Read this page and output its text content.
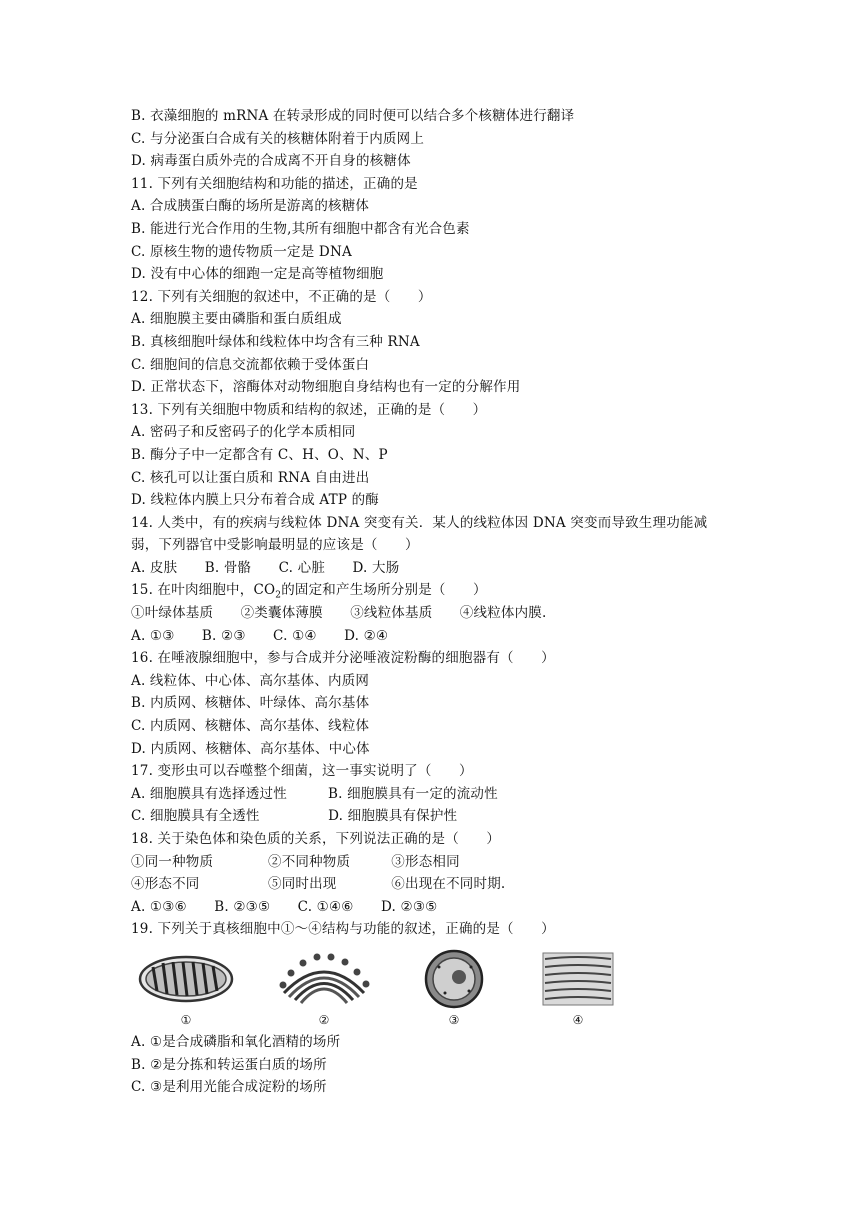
B. 衣藻细胞的 mRNA 在转录形成的同时便可以结合多个核糖体进行翻译
C. 与分泌蛋白合成有关的核糖体附着于内质网上
D. 病毒蛋白质外壳的合成离不开自身的核糖体
11. 下列有关细胞结构和功能的描述，正确的是
A. 合成胰蛋白酶的场所是游离的核糖体
B. 能进行光合作用的生物,其所有细胞中都含有光合色素
C. 原核生物的遗传物质一定是 DNA
D. 没有中心体的细跑一定是高等植物细胞
12. 下列有关细胞的叙述中，不正确的是（　　）
A. 细胞膜主要由磷脂和蛋白质组成
B. 真核细胞叶绿体和线粒体中均含有三种 RNA
C. 细胞间的信息交流都依赖于受体蛋白
D. 正常状态下，溶酶体对动物细胞自身结构也有一定的分解作用
13. 下列有关细胞中物质和结构的叙述，正确的是（　　）
A. 密码子和反密码子的化学本质相同
B. 酶分子中一定都含有 C、H、O、N、P
C. 核孔可以让蛋白质和 RNA 自由进出
D. 线粒体内膜上只分布着合成 ATP 的酶
14. 人类中，有的疾病与线粒体 DNA 突变有关．某人的线粒体因 DNA 突变而导致生理功能减
弱，下列器官中受影响最明显的应该是（　　）
A. 皮肤　　B. 骨骼　　C. 心脏　　D. 大肠
15. 在叶肉细胞中，$CO_2$的固定和产生场所分别是（　　）
①叶绿体基质　　②类囊体薄膜　　③线粒体基质　　④线粒体内膜.
A. ①③　　B. ②③　　C. ①④　　D. ②④
16. 在唾液腺细胞中，参与合成并分泌唾液淀粉酶的细胞器有（　　）
A. 线粒体、中心体、高尔基体、内质网
B. 内质网、核糖体、叶绿体、高尔基体
C. 内质网、核糖体、高尔基体、线粒体
D. 内质网、核糖体、高尔基体、中心体
17. 变形虫可以吞噬整个细菌，这一事实说明了（　　）
A. 细胞膜具有选择透过性　　　B. 细胞膜具有一定的流动性
C. 细胞膜具有全透性　　　　　D. 细胞膜具有保护性
18. 关于染色体和染色质的关系，下列说法正确的是（　　）
①同一种物质　　　　②不同种物质　　　③形态相同
④形态不同　　　　　⑤同时出现　　　　⑥出现在不同时期.
A. ①③⑥　　B. ②③⑤　　C. ①④⑥　　D. ②③⑤
19. 下列关于真核细胞中①～④结构与功能的叙述，正确的是（　　）
①	②	③	④
A. ①是合成磷脂和氧化酒精的场所
B. ②是分拣和转运蛋白质的场所
C. ③是利用光能合成淀粉的场所
